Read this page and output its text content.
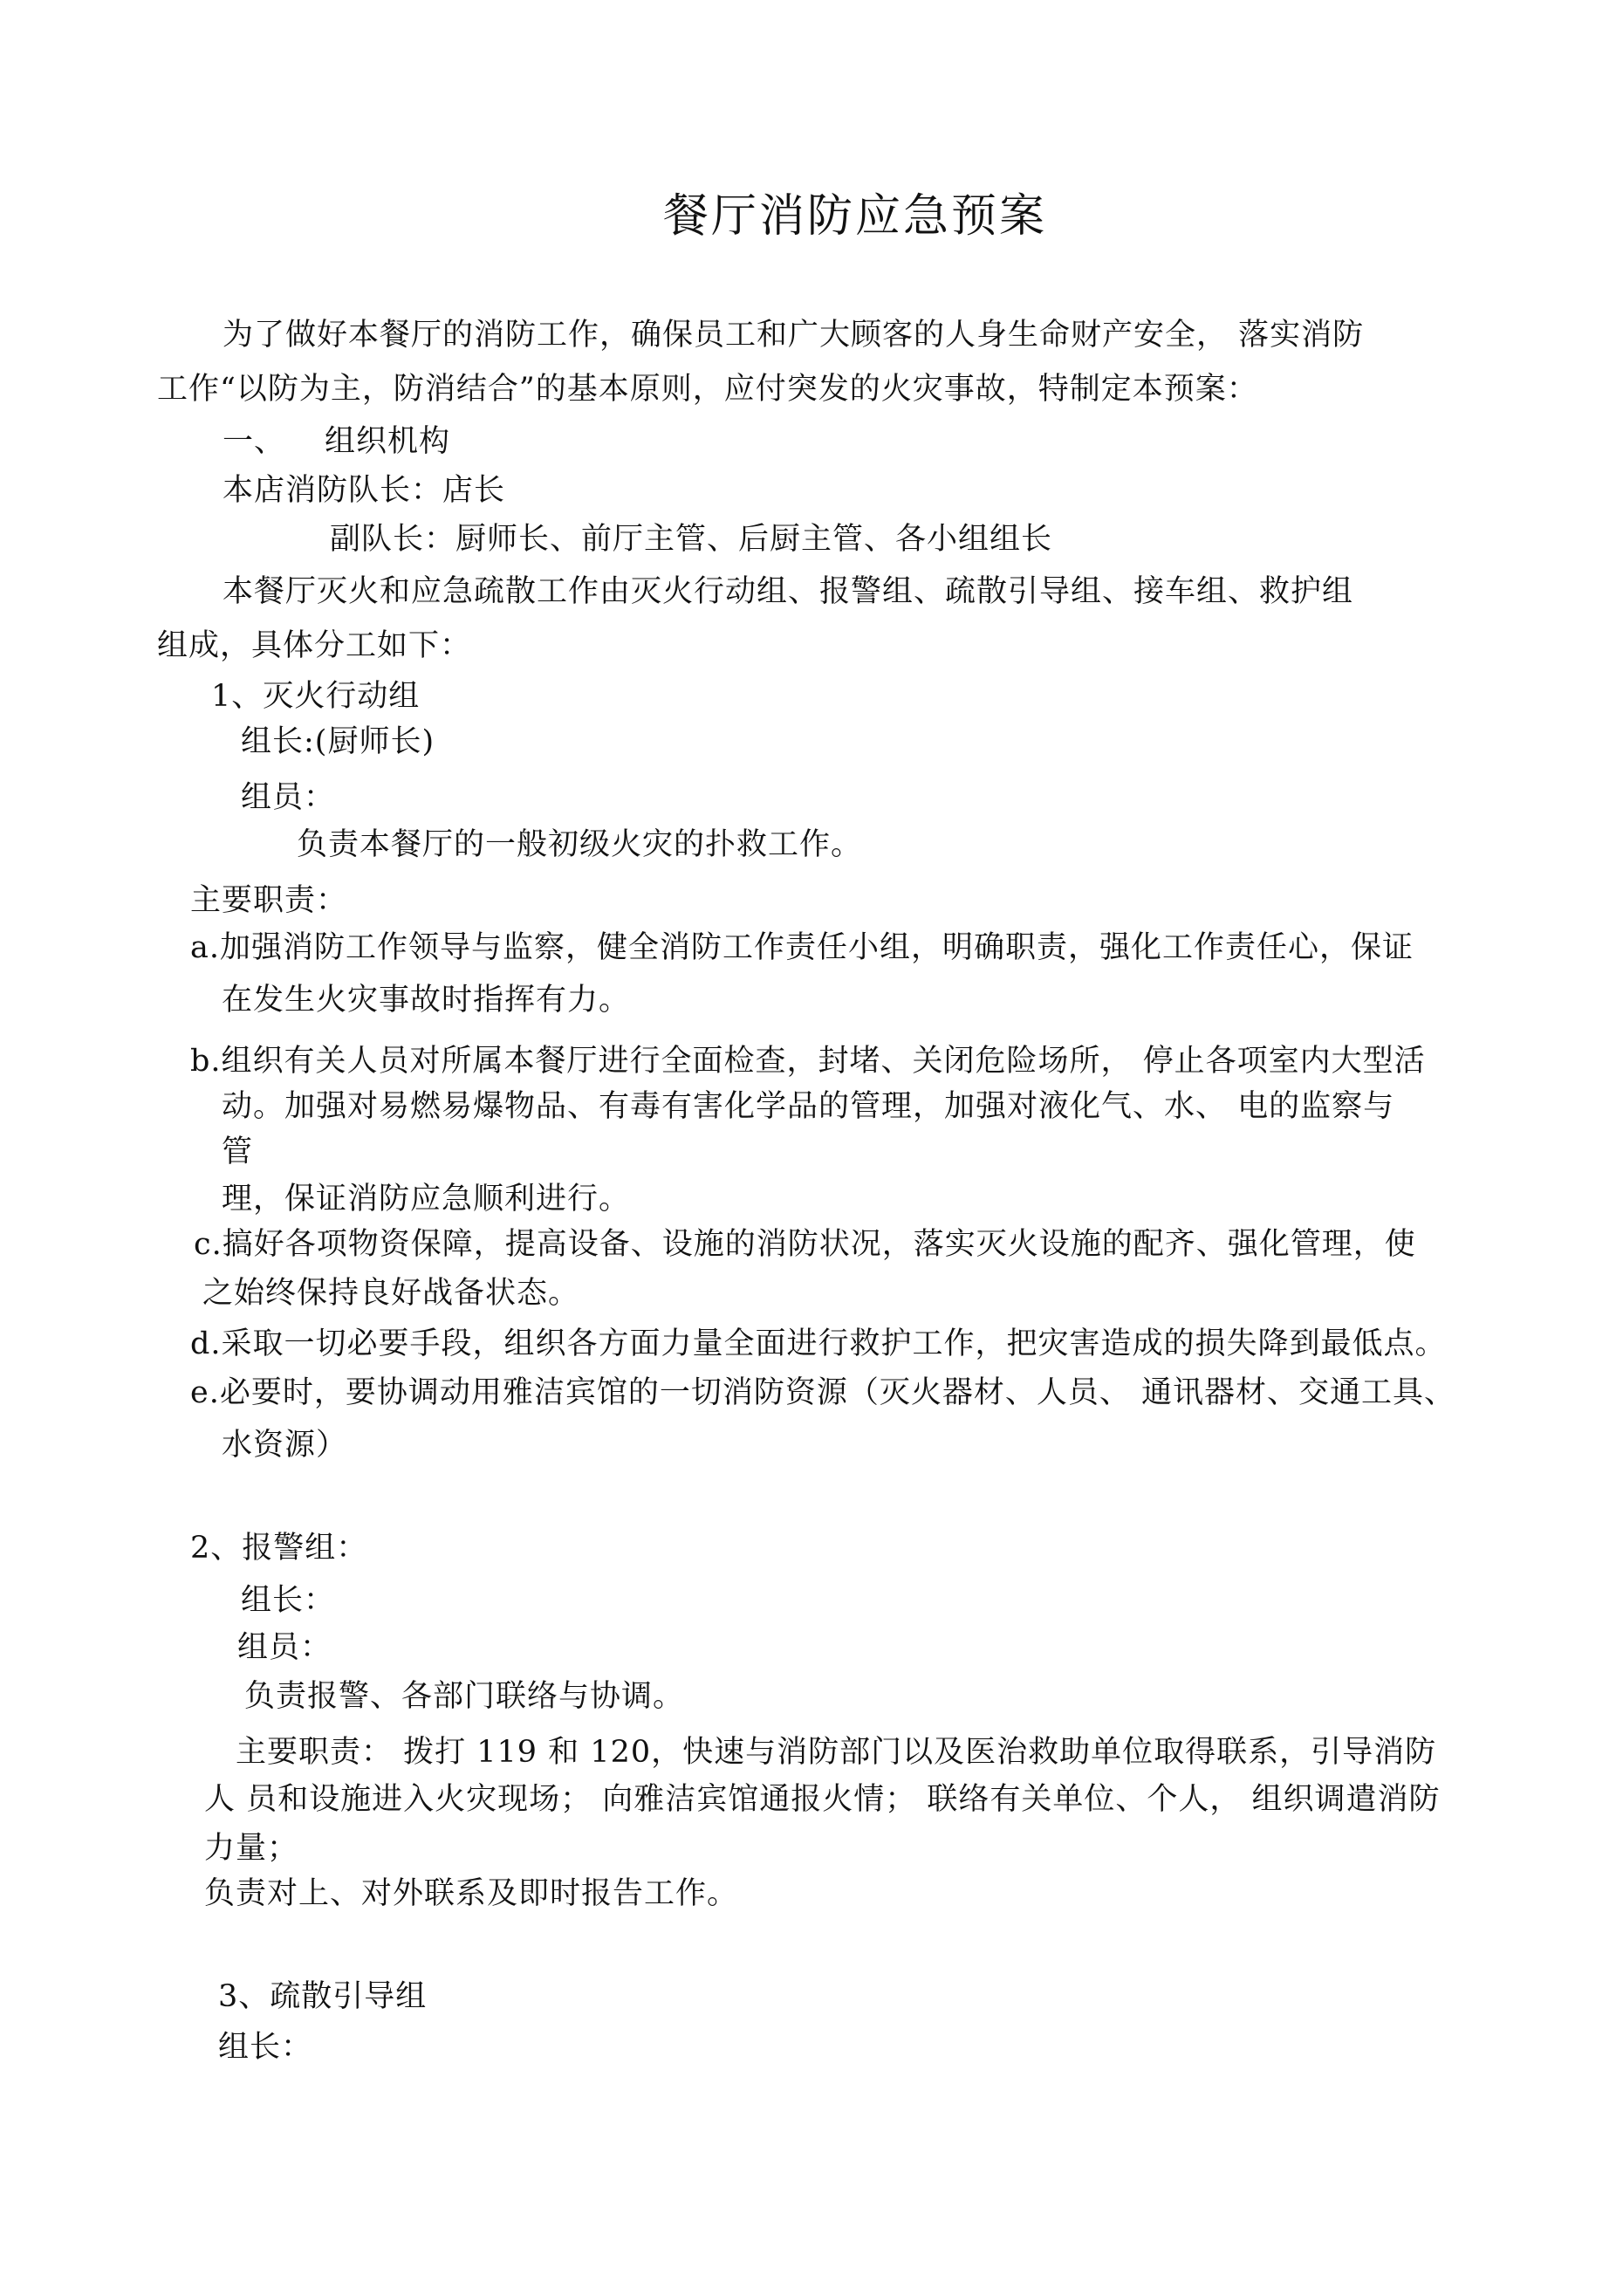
餐厅消防应急预案
为了做好本餐厅的消防工作，确保员工和广大顾客的人身生命财产安全， 落实消防
工作“以防为主，防消结合”的基本原则，应付突发的火灾事故，特制定本预案：
一、 组织机构
本店消防队长：店长
副队长：厨师长、前厅主管、后厨主管、各小组组长
本餐厅灭火和应急疏散工作由灭火行动组、报警组、疏散引导组、接车组、救护组
组成，具体分工如下：
1、灭火行动组
组长:(厨师长)
组员：
负责本餐厅的一般初级火灾的扑救工作。
主要职责：
a.加强消防工作领导与监察，健全消防工作责任小组，明确职责，强化工作责任心，保证
在发生火灾事故时指挥有力。
b.组织有关人员对所属本餐厅进行全面检查，封堵、关闭危险场所， 停止各项室内大型活
动。加强对易燃易爆物品、有毒有害化学品的管理，加强对液化气、水、 电的监察与
管
理，保证消防应急顺利进行。
c.搞好各项物资保障，提高设备、设施的消防状况，落实灭火设施的配齐、强化管理，使
之始终保持良好战备状态。
d.采取一切必要手段，组织各方面力量全面进行救护工作，把灾害造成的损失降到最低点。
e.必要时，要协调动用雅洁宾馆的一切消防资源（灭火器材、人员、 通讯器材、交通工具、
水资源）
2、报警组：
组长：
组员：
负责报警、各部门联络与协调。
主要职责： 拨打 119 和 120，快速与消防部门以及医治救助单位取得联系，引导消防
人 员和设施进入火灾现场； 向雅洁宾馆通报火情； 联络有关单位、个人， 组织调遣消防
力量；
负责对上、对外联系及即时报告工作。
3、疏散引导组
组长：
